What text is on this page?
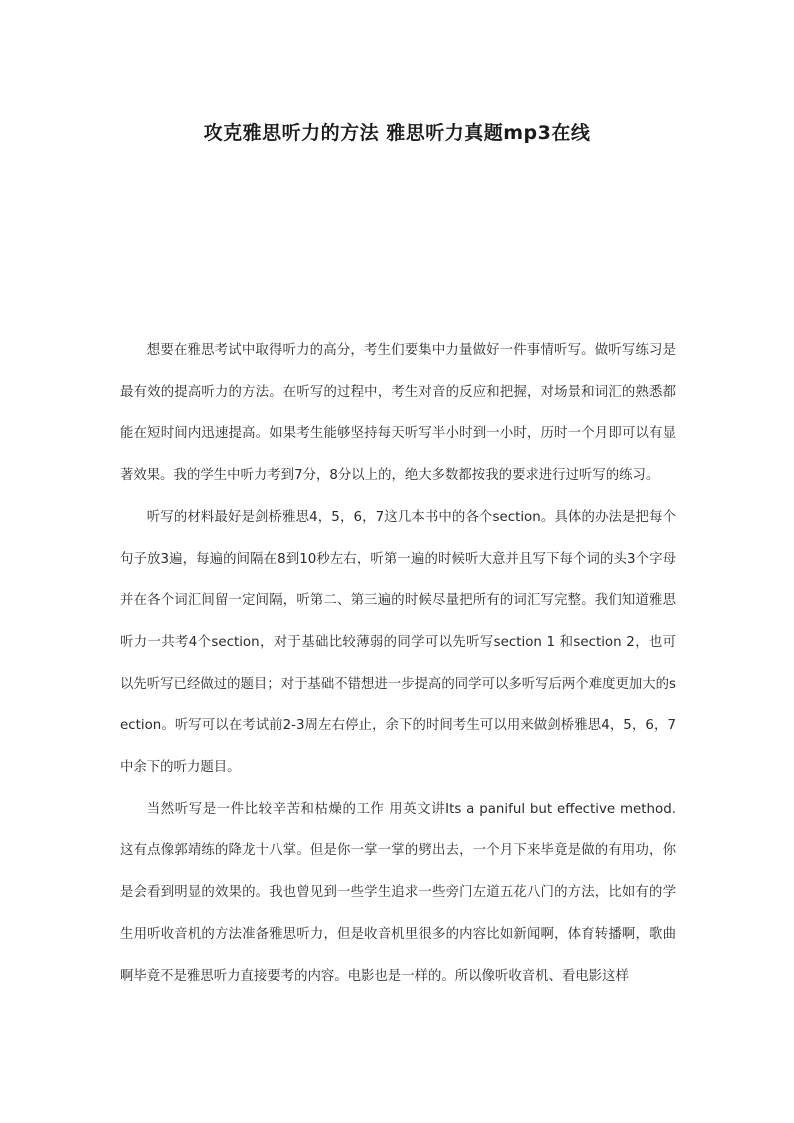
攻克雅思听力的方法 雅思听力真题mp3在线

想要在雅思考试中取得听力的高分，考生们要集中力量做好一件事情听写。做听写练习是最有效的提高听力的方法。在听写的过程中，考生对音的反应和把握，对场景和词汇的熟悉都能在短时间内迅速提高。如果考生能够坚持每天听写半小时到一小时，历时一个月即可以有显著效果。我的学生中听力考到7分，8分以上的，绝大多数都按我的要求进行过听写的练习。

听写的材料最好是剑桥雅思4，5，6，7这几本书中的各个section。具体的办法是把每个句子放3遍，每遍的间隔在8到10秒左右，听第一遍的时候听大意并且写下每个词的头3个字母并在各个词汇间留一定间隔，听第二、第三遍的时候尽量把所有的词汇写完整。我们知道雅思听力一共考4个section，对于基础比较薄弱的同学可以先听写section 1 和section 2，也可以先听写已经做过的题目；对于基础不错想进一步提高的同学可以多听写后两个难度更加大的section。听写可以在考试前2-3周左右停止，余下的时间考生可以用来做剑桥雅思4，5，6，7中余下的听力题目。

当然听写是一件比较辛苦和枯燥的工作 用英文讲Its a paniful but effective method. 这有点像郭靖练的降龙十八掌。但是你一掌一掌的劈出去，一个月下来毕竟是做的有用功，你是会看到明显的效果的。我也曾见到一些学生追求一些旁门左道五花八门的方法，比如有的学生用听收音机的方法准备雅思听力，但是收音机里很多的内容比如新闻啊，体育转播啊，歌曲啊毕竟不是雅思听力直接要考的内容。电影也是一样的。所以像听收音机、看电影这样
